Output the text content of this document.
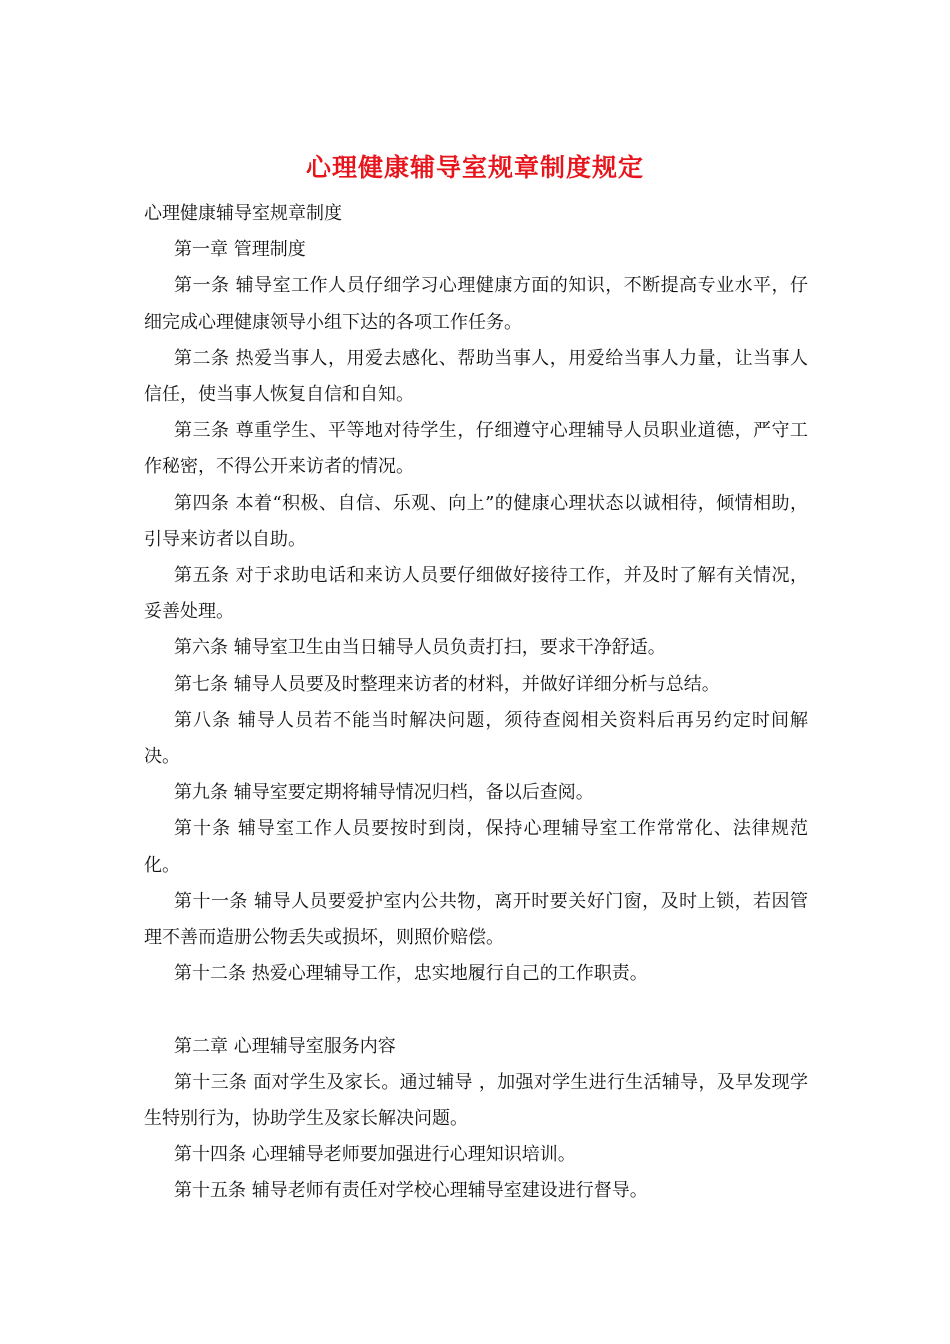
心理健康辅导室规章制度规定

心理健康辅导室规章制度

第一章 管理制度

第一条 辅导室工作人员仔细学习心理健康方面的知识，不断提高专业水平，仔细完成心理健康领导小组下达的各项工作任务。

第二条 热爱当事人，用爱去感化、帮助当事人，用爱给当事人力量，让当事人信任，使当事人恢复自信和自知。

第三条 尊重学生、平等地对待学生，仔细遵守心理辅导人员职业道德，严守工作秘密，不得公开来访者的情况。

第四条 本着“积极、自信、乐观、向上”的健康心理状态以诚相待，倾情相助，引导来访者以自助。

第五条 对于求助电话和来访人员要仔细做好接待工作，并及时了解有关情况，妥善处理。

第六条 辅导室卫生由当日辅导人员负责打扫，要求干净舒适。

第七条 辅导人员要及时整理来访者的材料，并做好详细分析与总结。

第八条 辅导人员若不能当时解决问题，须待查阅相关资料后再另约定时间解决。

第九条 辅导室要定期将辅导情况归档，备以后查阅。

第十条 辅导室工作人员要按时到岗，保持心理辅导室工作常常化、法律规范化。

第十一条 辅导人员要爱护室内公共物，离开时要关好门窗，及时上锁，若因管理不善而造册公物丢失或损坏，则照价赔偿。

第十二条 热爱心理辅导工作，忠实地履行自己的工作职责。

第二章 心理辅导室服务内容

第十三条 面对学生及家长。通过辅导 ，加强对学生进行生活辅导，及早发现学生特别行为，协助学生及家长解决问题。

第十四条 心理辅导老师要加强进行心理知识培训。

第十五条 辅导老师有责任对学校心理辅导室建设进行督导。
